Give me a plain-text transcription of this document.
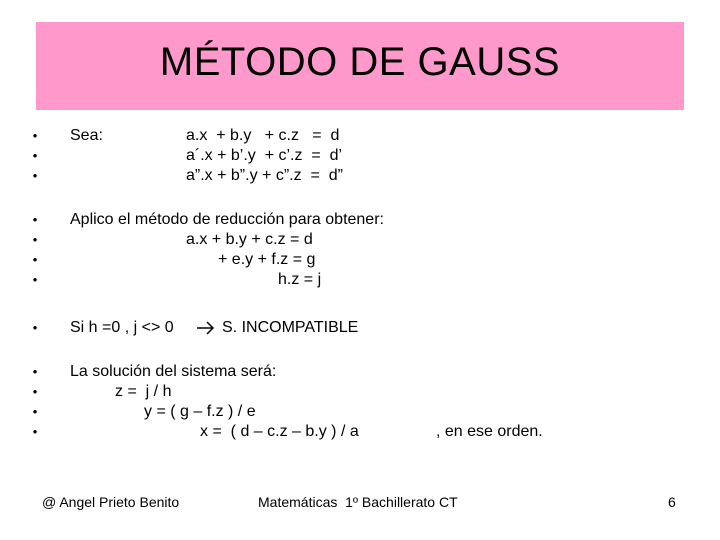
MÉTODO DE GAUSS
•
•
•
•
•
•
•
•
•
•
•
•
Sea:	a.x  + b.y   + c.z   =  d
a´.x + b’.y  + c’.z  =  d’
a”.x + b”.y + c”.z  =  d”
Aplico el método de reducción para obtener:
a.x + b.y + c.z = d
+ e.y + f.z = g
h.z = j
Si h =0 , j <> 0	S. INCOMPATIBLE
La solución del sistema será:
z =  j / h
y = ( g – f.z ) / e
x =  ( d – c.z – b.y ) / a	, en ese orden.
@ Angel Prieto Benito	Matemáticas  1º Bachillerato CT	6
